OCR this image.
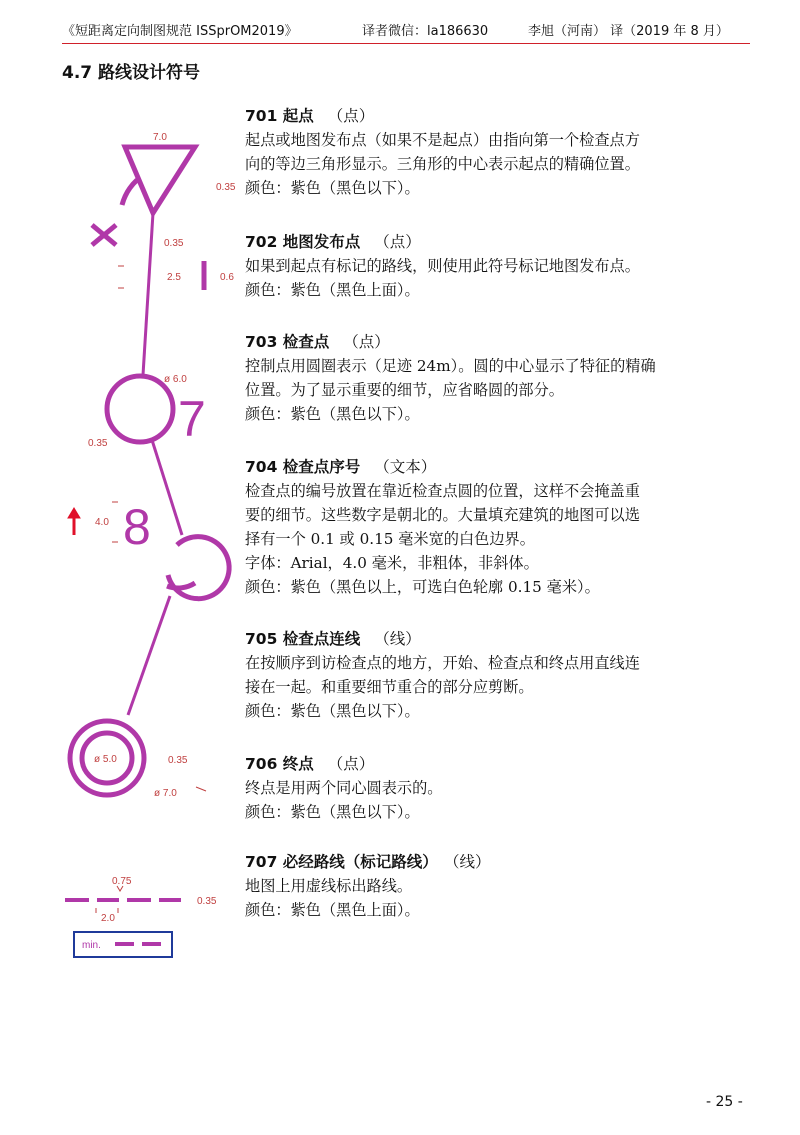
《短距离定向制图规范 ISSprOM2019》	译者微信：la186630	李旭（河南） 译（2019 年 8 月）
4.7 路线设计符号
7
8
7.0
0.35
0.35
2.5	0.6
ø 6.0
0.35
4.0
ø 5.0	0.35
ø 7.0
0.75
2.0
0.35
min.
701 起点 （点）
起点或地图发布点（如果不是起点）由指向第一个检查点方
向的等边三角形显示。三角形的中心表示起点的精确位置。
颜色：紫色（黑色以下）。
702 地图发布点 （点）
如果到起点有标记的路线，则使用此符号标记地图发布点。
颜色：紫色（黑色上面）。
703 检查点 （点）
控制点用圆圈表示（足迹 24m）。圆的中心显示了特征的精确
位置。为了显示重要的细节，应省略圆的部分。
颜色：紫色（黑色以下）。
704 检查点序号 （文本）
检查点的编号放置在靠近检查点圆的位置，这样不会掩盖重
要的细节。这些数字是朝北的。大量填充建筑的地图可以选
择有一个 0.1 或 0.15 毫米宽的白色边界。
字体：Arial，4.0 毫米，非粗体，非斜体。
颜色：紫色（黑色以上，可选白色轮廓 0.15 毫米）。
705 检查点连线 （线）
在按顺序到访检查点的地方，开始、检查点和终点用直线连
接在一起。和重要细节重合的部分应剪断。
颜色：紫色（黑色以下）。
706 终点 （点）
终点是用两个同心圆表示的。
颜色：紫色（黑色以下）。
707 必经路线（标记路线） （线）
地图上用虚线标出路线。
颜色：紫色（黑色上面）。
- 25 -
